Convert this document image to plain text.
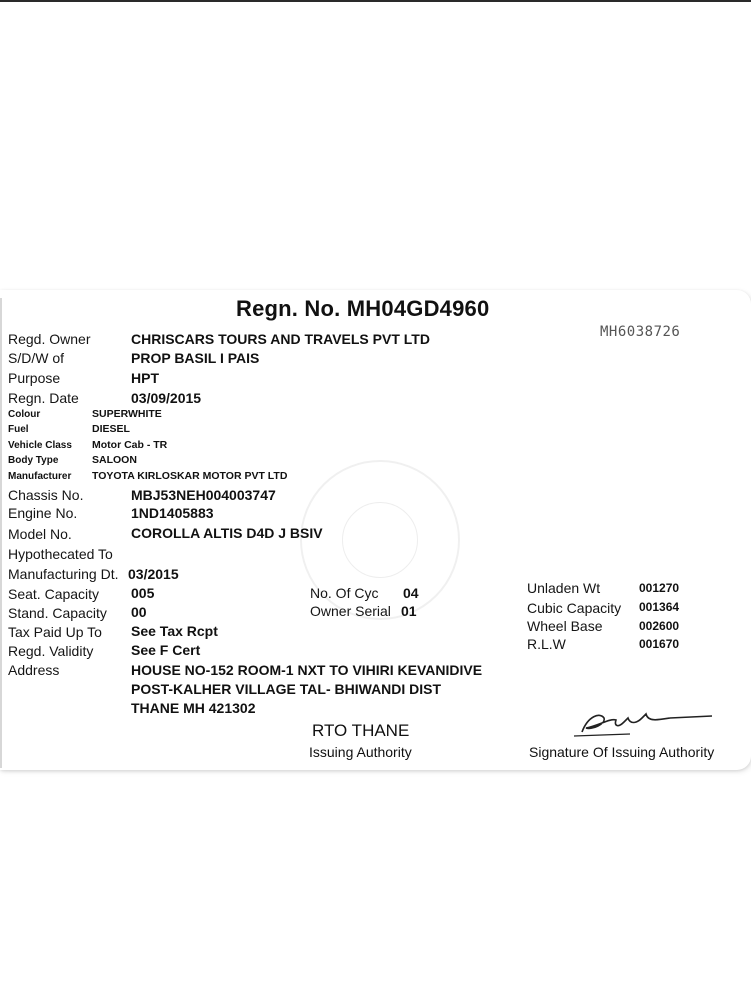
Regn. No. MH04GD4960
MH6038726
Regd. Owner	CHRISCARS TOURS AND TRAVELS PVT LTD
S/D/W of	PROP BASIL I PAIS
Purpose	HPT
Regn. Date	03/09/2015
Colour	SUPERWHITE
Fuel	DIESEL
Vehicle Class Motor Cab - TR
Body Type	SALOON
Manufacturer TOYOTA KIRLOSKAR MOTOR PVT LTD
Chassis No.	MBJ53NEH004003747
Engine No.	1ND1405883
Model No.	COROLLA ALTIS D4D J BSIV
Hypothecated To
Manufacturing Dt. 03/2015
Seat. Capacity 005
Stand. Capacity 00
Tax Paid Up To See Tax Rcpt
Regd. Validity	See F Cert
Address	HOUSE NO-152 ROOM-1 NXT TO VIHIRI KEVANIDIVE
POST-KALHER VILLAGE TAL- BHIWANDI DIST
THANE MH 421302
No. Of Cyc 04
Owner Serial 01
Unladen Wt	001270
Cubic Capacity 001364
Wheel Base	002600
R.L.W	001670
RTO THANE
Issuing Authority	Signature Of Issuing Authority
